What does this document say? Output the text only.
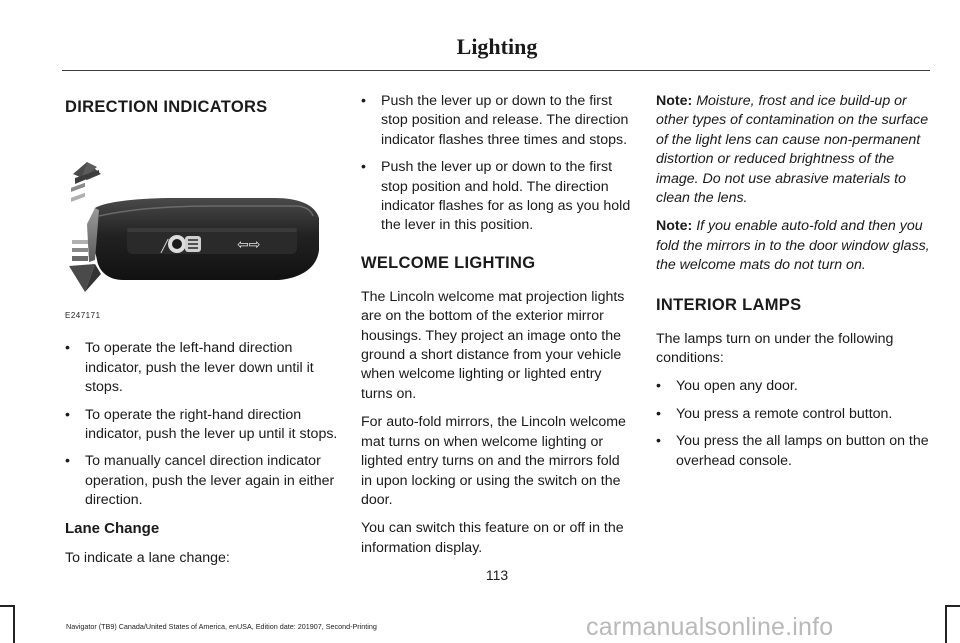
Lighting
DIRECTION INDICATORS
╱	⇦⇨
E247171
• To operate the left-hand direction indicator, push the lever down until it stops.
• To operate the right-hand direction indicator, push the lever up until it stops.
• To manually cancel direction indicator operation, push the lever again in either direction.
Lane Change

To indicate a lane change:

• Push the lever up or down to the first stop position and release. The direction indicator flashes three times and stops.
• Push the lever up or down to the first stop position and hold. The direction indicator flashes for as long as you hold the lever in this position.
WELCOME LIGHTING

The Lincoln welcome mat projection lights are on the bottom of the exterior mirror housings. They project an image onto the ground a short distance from your vehicle when welcome lighting or lighted entry turns on.

For auto-fold mirrors, the Lincoln welcome mat turns on when welcome lighting or lighted entry turns on and the mirrors fold in upon locking or using the switch on the door.

You can switch this feature on or off in the information display.

Note: Moisture, frost and ice build-up or other types of contamination on the surface of the light lens can cause non-permanent distortion or reduced brightness of the image. Do not use abrasive materials to clean the lens.

Note: If you enable auto-fold and then you fold the mirrors in to the door window glass, the welcome mats do not turn on.

INTERIOR LAMPS

The lamps turn on under the following conditions:

• You open any door.
• You press a remote control button.
• You press the all lamps on button on the overhead console.
113
Navigator (TB9) Canada/United States of America, enUSA, Edition date: 201907, Second-Printing	carmanualsonline.info
